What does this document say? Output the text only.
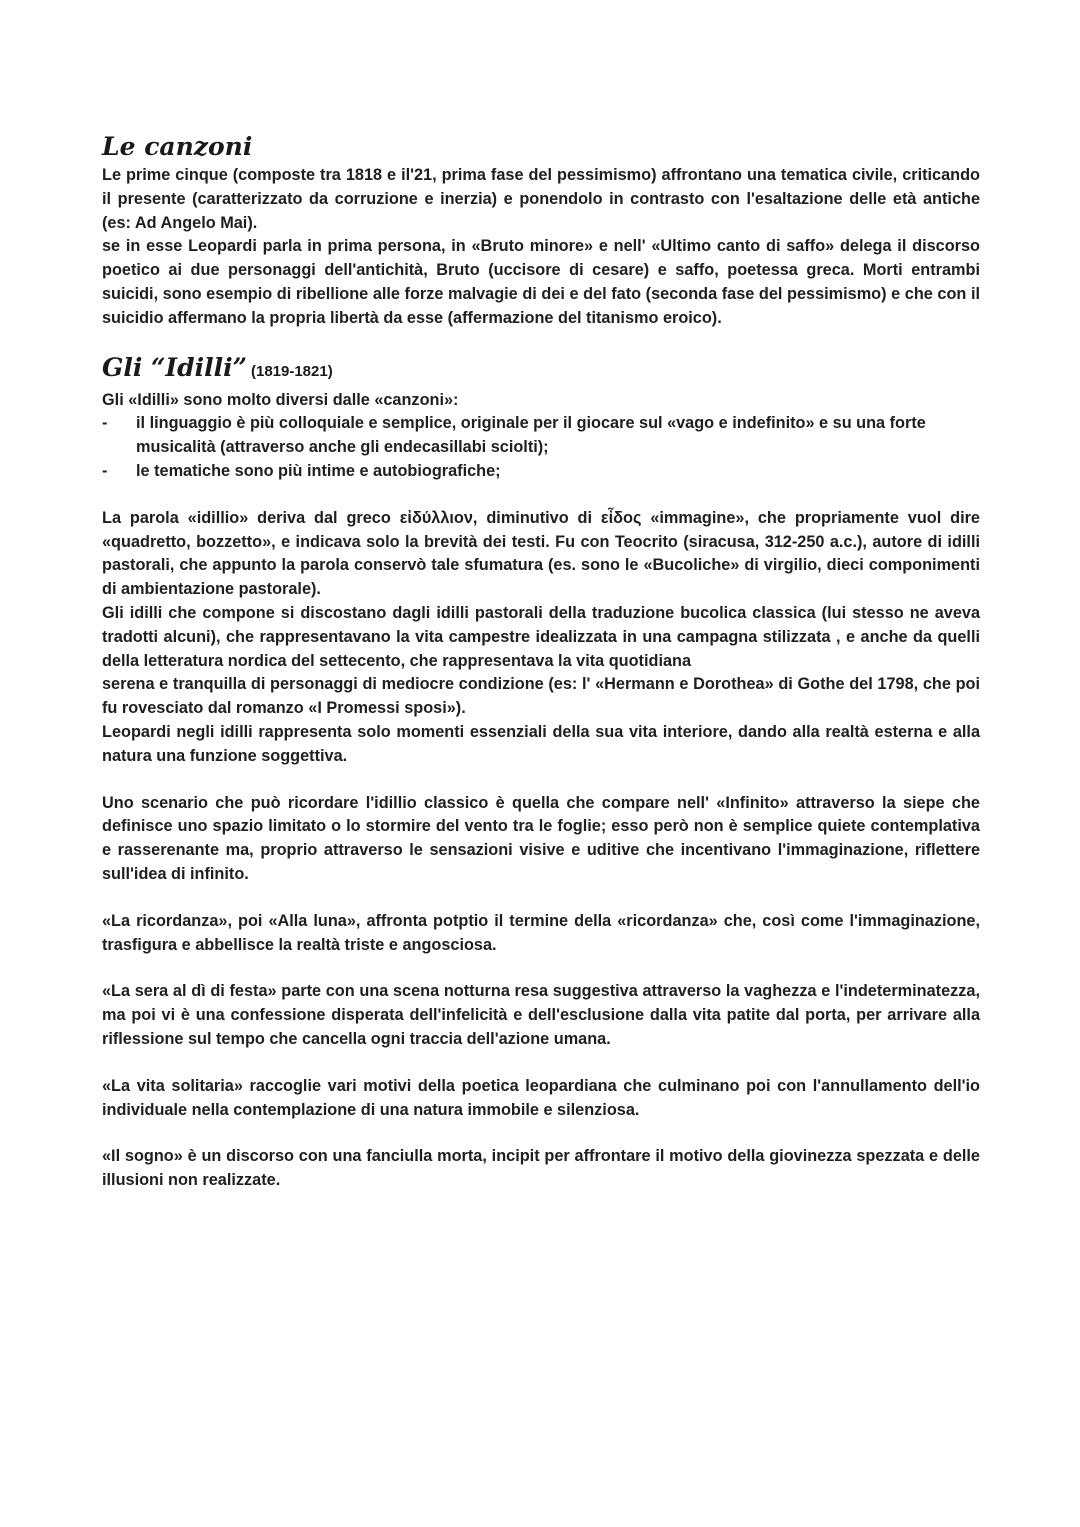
Le canzoni

Le prime cinque (composte tra 1818 e il'21, prima fase del pessimismo) affrontano una tematica civile, criticando il presente (caratterizzato da corruzione e inerzia) e ponendolo in contrasto con l'esaltazione delle età antiche (es: Ad Angelo Mai).

se in esse Leopardi parla in prima persona, in «Bruto minore» e nell' «Ultimo canto di saffo» delega il discorso poetico ai due personaggi dell'antichità, Bruto (uccisore di cesare) e saffo, poetessa greca. Morti entrambi suicidi, sono esempio di ribellione alle forze malvagie di dei e del fato (seconda fase del pessimismo) e che con il suicidio affermano la propria libertà da esse (affermazione del titanismo eroico).

Gli “Idilli” (1819-1821)

Gli «Idilli» sono molto diversi dalle «canzoni»:

- il linguaggio è più colloquiale e semplice, originale per il giocare sul «vago e indefinito» e su una forte musicalità (attraverso anche gli endecasillabi sciolti);
- le tematiche sono più intime e autobiografiche;

La parola «idillio» deriva dal greco εἰδύλλιον, diminutivo di εἶδος «immagine», che propriamente vuol dire «quadretto, bozzetto», e indicava solo la brevità dei testi. Fu con Teocrito (siracusa, 312-250 a.c.), autore di idilli pastorali, che appunto la parola conservò tale sfumatura (es. sono le «Bucoliche» di virgilio, dieci componimenti di ambientazione pastorale).

Gli idilli che compone si discostano dagli idilli pastorali della traduzione bucolica classica (lui stesso ne aveva tradotti alcuni), che rappresentavano la vita campestre idealizzata in una campagna stilizzata , e anche da quelli della letteratura nordica del settecento, che rappresentava la vita quotidiana

serena e tranquilla di personaggi di mediocre condizione (es: l' «Hermann e Dorothea» di Gothe del 1798, che poi fu rovesciato dal romanzo «I Promessi sposi»).

Leopardi negli idilli rappresenta solo momenti essenziali della sua vita interiore, dando alla realtà esterna e alla natura una funzione soggettiva.

Uno scenario che può ricordare l'idillio classico è quella che compare nell' «Infinito» attraverso la siepe che definisce uno spazio limitato o lo stormire del vento tra le foglie; esso però non è semplice quiete contemplativa e rasserenante ma, proprio attraverso le sensazioni visive e uditive che incentivano l'immaginazione, riflettere sull'idea di infinito.

«La ricordanza», poi «Alla luna», affronta potptio il termine della «ricordanza» che, così come l'immaginazione, trasfigura e abbellisce la realtà triste e angosciosa.

«La sera al dì di festa» parte con una scena notturna resa suggestiva attraverso la vaghezza e l'indeterminatezza, ma poi vi è una confessione disperata dell'infelicità e dell'esclusione dalla vita patite dal porta, per arrivare alla riflessione sul tempo che cancella ogni traccia dell'azione umana.

«La vita solitaria» raccoglie vari motivi della poetica leopardiana che culminano poi con l'annullamento dell'io individuale nella contemplazione di una natura immobile e silenziosa.

«Il sogno» è un discorso con una fanciulla morta, incipit per affrontare il motivo della giovinezza spezzata e delle illusioni non realizzate.
